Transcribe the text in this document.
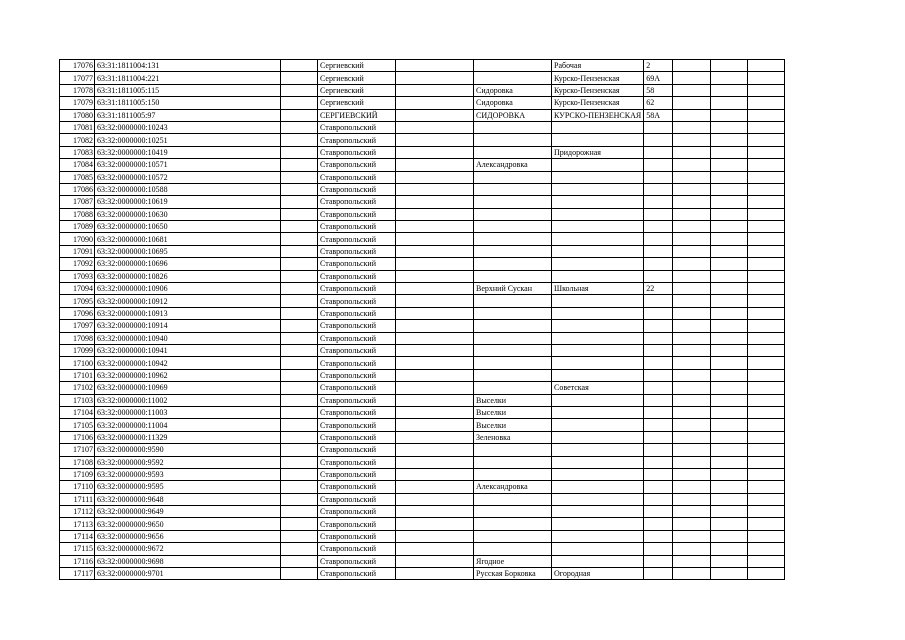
17076	63:31:1811004:131		Сергиевский			Рабочая	2			
17077	63:31:1811004:221		Сергиевский			Курско-Пензенская	69А			
17078	63:31:1811005:115		Сергиевский		Сидоровка	Курско-Пензенская	58			
17079	63:31:1811005:150		Сергиевский		Сидоровка	Курско-Пензенская	62			
17080	63:31:1811005:97		СЕРГИЕВСКИЙ		СИДОРОВКА	КУРСКО-ПЕНЗЕНСКАЯ	58А			
17081	63:32:0000000:10243		Ставропольский							
17082	63:32:0000000:10251		Ставропольский							
17083	63:32:0000000:10419		Ставропольский			Придорожная				
17084	63:32:0000000:10571		Ставропольский		Александровка					
17085	63:32:0000000:10572		Ставропольский							
17086	63:32:0000000:10588		Ставропольский							
17087	63:32:0000000:10619		Ставропольский							
17088	63:32:0000000:10630		Ставропольский							
17089	63:32:0000000:10650		Ставропольский							
17090	63:32:0000000:10681		Ставропольский							
17091	63:32:0000000:10695		Ставропольский							
17092	63:32:0000000:10696		Ставропольский							
17093	63:32:0000000:10826		Ставропольский							
17094	63:32:0000000:10906		Ставропольский		Верхний Сускан	Школьная	22			
17095	63:32:0000000:10912		Ставропольский							
17096	63:32:0000000:10913		Ставропольский							
17097	63:32:0000000:10914		Ставропольский							
17098	63:32:0000000:10940		Ставропольский							
17099	63:32:0000000:10941		Ставропольский							
17100	63:32:0000000:10942		Ставропольский							
17101	63:32:0000000:10962		Ставропольский							
17102	63:32:0000000:10969		Ставропольский			Советская				
17103	63:32:0000000:11002		Ставропольский		Выселки					
17104	63:32:0000000:11003		Ставропольский		Выселки					
17105	63:32:0000000:11004		Ставропольский		Выселки					
17106	63:32:0000000:11329		Ставропольский		Зеленовка					
17107	63:32:0000000:9590		Ставропольский							
17108	63:32:0000000:9592		Ставропольский							
17109	63:32:0000000:9593		Ставропольский							
17110	63:32:0000000:9595		Ставропольский		Александровка					
17111	63:32:0000000:9648		Ставропольский							
17112	63:32:0000000:9649		Ставропольский							
17113	63:32:0000000:9650		Ставропольский							
17114	63:32:0000000:9656		Ставропольский							
17115	63:32:0000000:9672		Ставропольский							
17116	63:32:0000000:9698		Ставропольский		Ягодное					
17117	63:32:0000000:9701		Ставропольский		Русская Борковка	Огородная				
